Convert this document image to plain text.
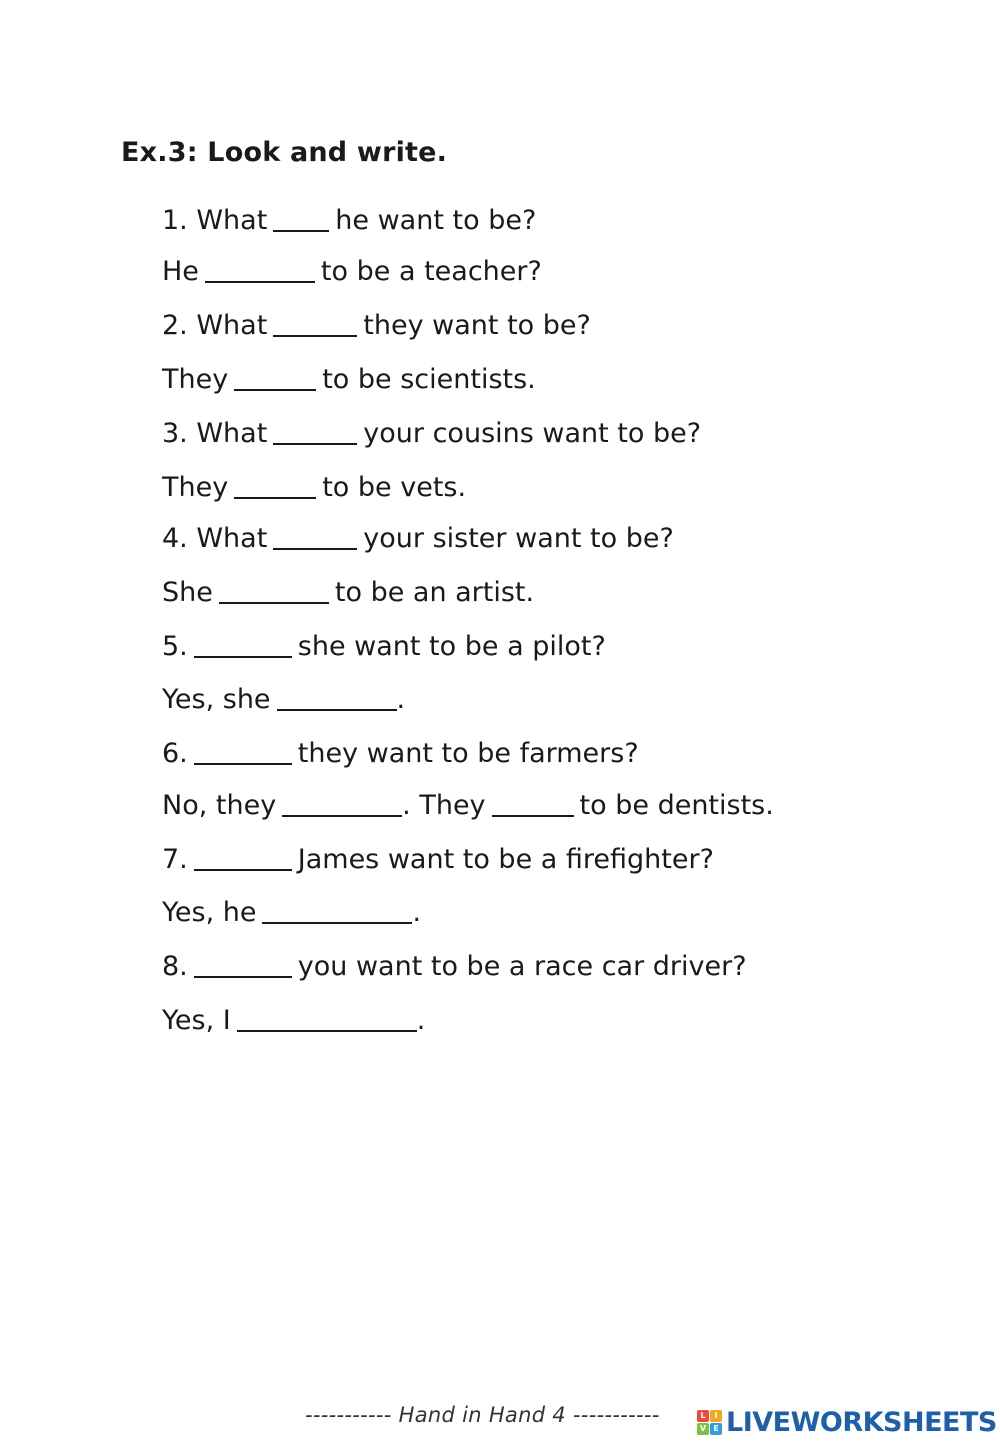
Ex.3: Look and write.
1. What	he want to be?
He	to be a teacher?
2. What	they want to be?
They	to be scientists.
3. What	your cousins want to be?
They	to be vets.
4. What	your sister want to be?
She	to be an artist.
5.	she want to be a pilot?
Yes, she	.
6.	they want to be farmers?
No, they	. They	to be dentists.
7.	James want to be a firefighter?
Yes, he	.
8.	you want to be a race car driver?
Yes, I	.
----------- Hand in Hand 4 -----------	L	I
V E LIVEWORKSHEETS
